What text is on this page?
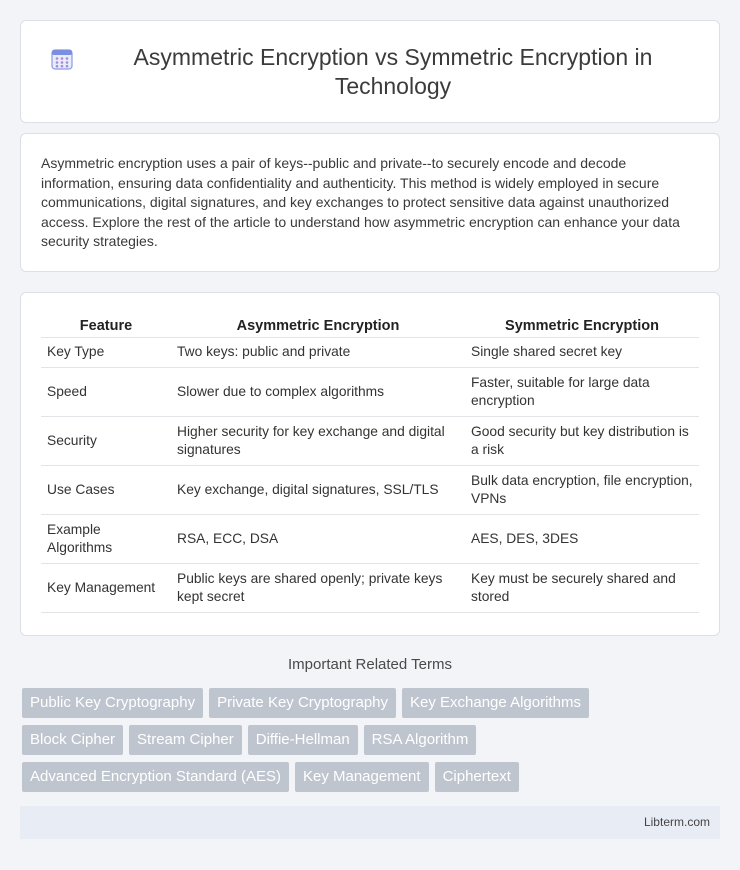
Asymmetric Encryption vs Symmetric Encryption in Technology

Asymmetric encryption uses a pair of keys--public and private--to securely encode and decode information, ensuring data confidentiality and authenticity. This method is widely employed in secure communications, digital signatures, and key exchanges to protect sensitive data against unauthorized access. Explore the rest of the article to understand how asymmetric encryption can enhance your data security strategies.

Feature	Asymmetric Encryption	Symmetric Encryption
Key Type	Two keys: public and private	Single shared secret key
Speed	Slower due to complex algorithms	Faster, suitable for large data encryption
Security	Higher security for key exchange and digital signatures	Good security but key distribution is a risk
Use Cases	Key exchange, digital signatures, SSL/TLS	Bulk data encryption, file encryption, VPNs
Example Algorithms	RSA, ECC, DSA	AES, DES, 3DES
Key Management	Public keys are shared openly; private keys kept secret	Key must be securely shared and stored
Important Related Terms
Public Key Cryptography	Private Key Cryptography	Key Exchange Algorithms
Block Cipher	Stream Cipher	Diffie-Hellman	RSA Algorithm
Advanced Encryption Standard (AES)	Key Management	Ciphertext
Libterm.com
